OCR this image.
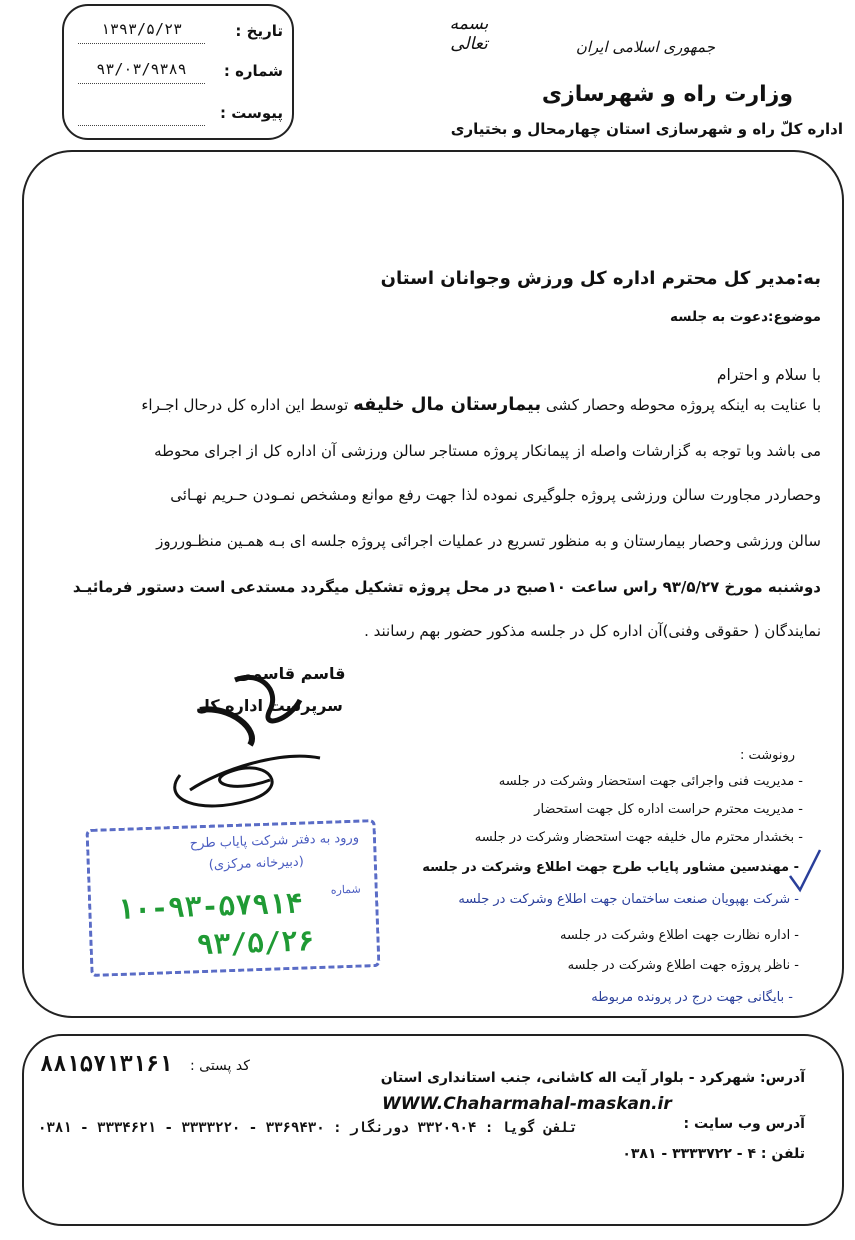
تاریخ :
۱۳۹۳/۵/۲۳
شماره :
۹۳/۰۳/۹۳۸۹
پیوست :
بسمه تعالی	جمهوری اسلامی ایران
وزارت راه و شهرسازی
اداره کلّ راه و شهرسازی استان چهارمحال و بختیاری
به:مدیر کل محترم اداره کل ورزش وجوانان استان
موضوع:دعوت به جلسه
با سلام و احترام
با عنایت به اینکه پروژه محوطه وحصار کشی بیمارستان مال خلیفه توسط این اداره کل درحال اجـراء
می باشد وبا توجه به گزارشات واصله از پیمانکار پروژه مستاجر سالن ورزشی آن اداره کل از اجرای محوطه
وحصاردر مجاورت سالن ورزشی پروژه جلوگیری نموده لذا جهت رفع موانع ومشخص نمـودن حـریم نهـائی
سالن ورزشی وحصار بیمارستان و به منظور تسریع در عملیات اجرائی پروژه جلسه ای بـه همـین منظـورروز
دوشنبه مورخ ۹۳/۵/۲۷ راس ساعت ۱۰صبح در محل پروژه تشکیل میگردد مستدعی است دستور فرمائیـد
نمایندگان ( حقوقی وفنی)آن اداره کل در جلسه مذکور حضور بهم رسانند .
قاسم قاسمی
سرپرست اداره کل
رونوشت :
- مدیریت فنی واجرائی جهت استحضار وشرکت در جلسه
- مدیریت محترم حراست اداره کل جهت استحضار
- بخشدار محترم مال خلیفه جهت استحضار وشرکت در جلسه
- مهندسین مشاور پایاب طرح جهت اطلاع وشرکت در جلسه
- شرکت بهپویان صنعت ساختمان جهت اطلاع وشرکت در جلسه
- اداره نظارت جهت اطلاع وشرکت در جلسه
- ناظر پروژه جهت اطلاع وشرکت در جلسه
- بایگانی جهت درج در پرونده مربوطه
ورود به دفتر شرکت پایاب طرح
(دبیرخانه مرکزی)
شماره
۱۰-۹۳-۵۷۹۱۴
۹۳/۵/۲۶
کد پستی :
۸۸۱۵۷۱۳۱۶۱
آدرس: شهرکرد - بلوار آیت اله کاشانی، جنب استانداری استان
WWW.Chaharmahal-maskan.ir
آدرس وب سایت :
تلفن : ۴ - ۳۳۳۳۷۲۲ - ۰۳۸۱
تلفن گویا : ۳۳۲۰۹۰۴ دورنگار : ۳۳۶۹۴۳۰ - ۳۳۳۳۲۲۰ - ۳۳۳۴۶۲۱ - ۰۳۸۱
